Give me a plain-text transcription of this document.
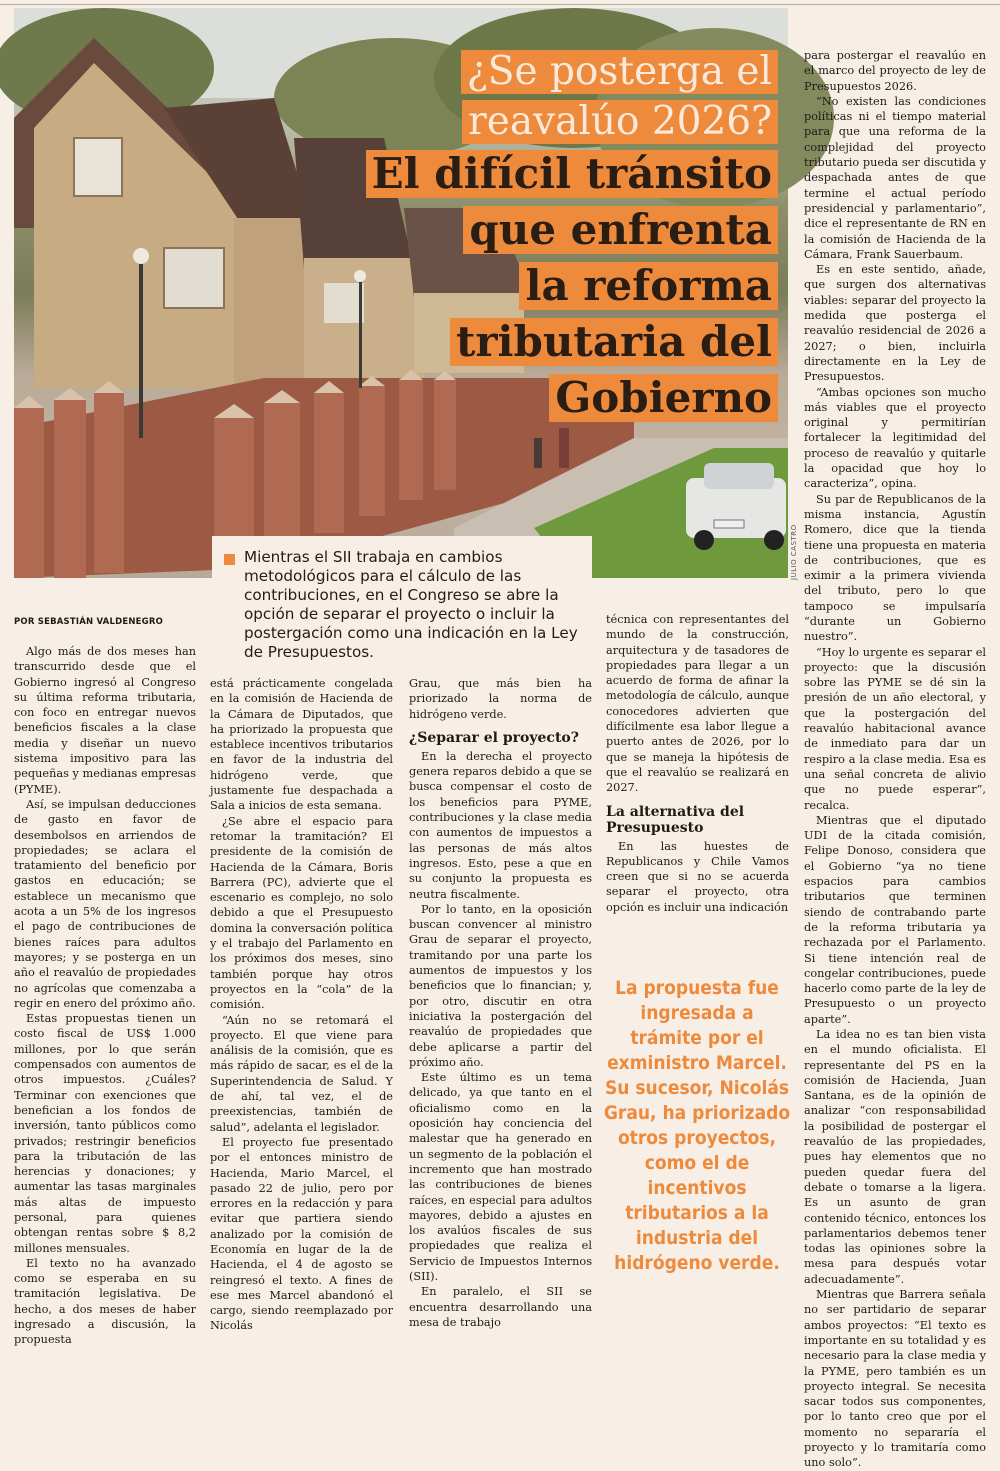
JULIO CASTRO
¿Se posterga el
reavalúo 2026?
El difícil tránsito
que enfrenta
la reforma
tributaria del
Gobierno
Mientras el SII trabaja en cambios metodológicos para el cálculo de las contribuciones, en el Congreso se abre la opción de separar el proyecto o incluir la postergación como una indicación en la Ley de Presupuestos.
POR SEBASTIÁN VALDENEGRO

Algo más de dos meses han transcurrido desde que el Gobierno ingresó al Congreso su última reforma tributaria, con foco en entregar nuevos beneficios fiscales a la clase media y diseñar un nuevo sistema impositivo para las pequeñas y medianas empresas (PYME).

Así, se impulsan deducciones de gasto en favor de desembolsos en arriendos de propiedades; se aclara el tratamiento del beneficio por gastos en educación; se establece un mecanismo que acota a un 5% de los ingresos el pago de contribuciones de bienes raíces para adultos mayores; y se posterga en un año el reavalúo de propiedades no agrícolas que comenzaba a regir en enero del próximo año.

Estas propuestas tienen un costo fiscal de US$ 1.000 millones, por lo que serán compensados con aumentos de otros impuestos. ¿Cuáles? Terminar con exenciones que benefician a los fondos de inversión, tanto públicos como privados; restringir beneficios para la tributación de las herencias y donaciones; y aumentar las tasas marginales más altas de impuesto personal, para quienes obtengan rentas sobre $ 8,2 millones mensuales.

El texto no ha avanzado como se esperaba en su tramitación legislativa. De hecho, a dos meses de haber ingresado a discusión, la propuesta

está prácticamente congelada en la comisión de Hacienda de la Cámara de Diputados, que ha priorizado la propuesta que establece incentivos tributarios en favor de la industria del hidrógeno verde, que justamente fue despachada a Sala a inicios de esta semana.

¿Se abre el espacio para retomar la tramitación? El presidente de la comisión de Hacienda de la Cámara, Boris Barrera (PC), advierte que el escenario es complejo, no solo debido a que el Presupuesto domina la conversación política y el trabajo del Parlamento en los próximos dos meses, sino también porque hay otros proyectos en la “cola” de la comisión.

“Aún no se retomará el proyecto. El que viene para análisis de la comisión, que es más rápido de sacar, es el de la Superintendencia de Salud. Y de ahí, tal vez, el de preexistencias, también de salud”, adelanta el legislador.

El proyecto fue presentado por el entonces ministro de Hacienda, Mario Marcel, el pasado 22 de julio, pero por errores en la redacción y para evitar que partiera siendo analizado por la comisión de Economía en lugar de la de Hacienda, el 4 de agosto se reingresó el texto. A fines de ese mes Marcel abandonó el cargo, siendo reemplazado por Nicolás

Grau, que más bien ha priorizado la norma de hidrógeno verde.

¿Separar el proyecto?

En la derecha el proyecto genera reparos debido a que se busca compensar el costo de los beneficios para PYME, contribuciones y la clase media con aumentos de impuestos a las personas de más altos ingresos. Esto, pese a que en su conjunto la propuesta es neutra fiscalmente.

Por lo tanto, en la oposición buscan convencer al ministro Grau de separar el proyecto, tramitando por una parte los aumentos de impuestos y los beneficios que lo financian; y, por otro, discutir en otra iniciativa la postergación del reavalúo de propiedades que debe aplicarse a partir del próximo año.

Este último es un tema delicado, ya que tanto en el oficialismo como en la oposición hay conciencia del malestar que ha generado en un segmento de la población el incremento que han mostrado las contribuciones de bienes raíces, en especial para adultos mayores, debido a ajustes en los avalúos fiscales de sus propiedades que realiza el Servicio de Impuestos Internos (SII).

En paralelo, el SII se encuentra desarrollando una mesa de trabajo

técnica con representantes del mundo de la construcción, arquitectura y de tasadores de propiedades para llegar a un acuerdo de forma de afinar la metodología de cálculo, aunque conocedores advierten que difícilmente esa labor llegue a puerto antes de 2026, por lo que se maneja la hipótesis de que el reavalúo se realizará en 2027.

La alternativa del Presupuesto

En las huestes de Republicanos y Chile Vamos creen que si no se acuerda separar el proyecto, otra opción es incluir una indicación

La propuesta fue ingresada a trámite por el exministro Marcel. Su sucesor, Nicolás Grau, ha priorizado otros proyectos, como el de incentivos tributarios a la industria del hidrógeno verde.

para postergar el reavalúo en el marco del proyecto de ley de Presupuestos 2026.

“No existen las condiciones políticas ni el tiempo material para que una reforma de la complejidad del proyecto tributario pueda ser discutida y despachada antes de que termine el actual período presidencial y parlamentario”, dice el representante de RN en la comisión de Hacienda de la Cámara, Frank Sauerbaum.

Es en este sentido, añade, que surgen dos alternativas viables: separar del proyecto la medida que posterga el reavalúo residencial de 2026 a 2027; o bien, incluirla directamente en la Ley de Presupuestos.

“Ambas opciones son mucho más viables que el proyecto original y permitirían fortalecer la legitimidad del proceso de reavalúo y quitarle la opacidad que hoy lo caracteriza”, opina.

Su par de Republicanos de la misma instancia, Agustín Romero, dice que la tienda tiene una propuesta en materia de contribuciones, que es eximir a la primera vivienda del tributo, pero lo que tampoco se impulsaría “durante un Gobierno nuestro”.

“Hoy lo urgente es separar el proyecto: que la discusión sobre las PYME se dé sin la presión de un año electoral, y que la postergación del reavalúo habitacional avance de inmediato para dar un respiro a la clase media. Esa es una señal concreta de alivio que no puede esperar”, recalca.

Mientras que el diputado UDI de la citada comisión, Felipe Donoso, considera que el Gobierno “ya no tiene espacios para cambios tributarios que terminen siendo de contrabando parte de la reforma tributaria ya rechazada por el Parlamento. Si tiene intención real de congelar contribuciones, puede hacerlo como parte de la ley de Presupuesto o un proyecto aparte”.

La idea no es tan bien vista en el mundo oficialista. El representante del PS en la comisión de Hacienda, Juan Santana, es de la opinión de analizar “con responsabilidad la posibilidad de postergar el reavalúo de las propiedades, pues hay elementos que no pueden quedar fuera del debate o tomarse a la ligera. Es un asunto de gran contenido técnico, entonces los parlamentarios debemos tener todas las opiniones sobre la mesa para después votar adecuadamente”.

Mientras que Barrera señala no ser partidario de separar ambos proyectos: “El texto es importante en su totalidad y es necesario para la clase media y la PYME, pero también es un proyecto integral. Se necesita sacar todos sus componentes, por lo tanto creo que por el momento no separaría el proyecto y lo tramitaría como uno solo”.
